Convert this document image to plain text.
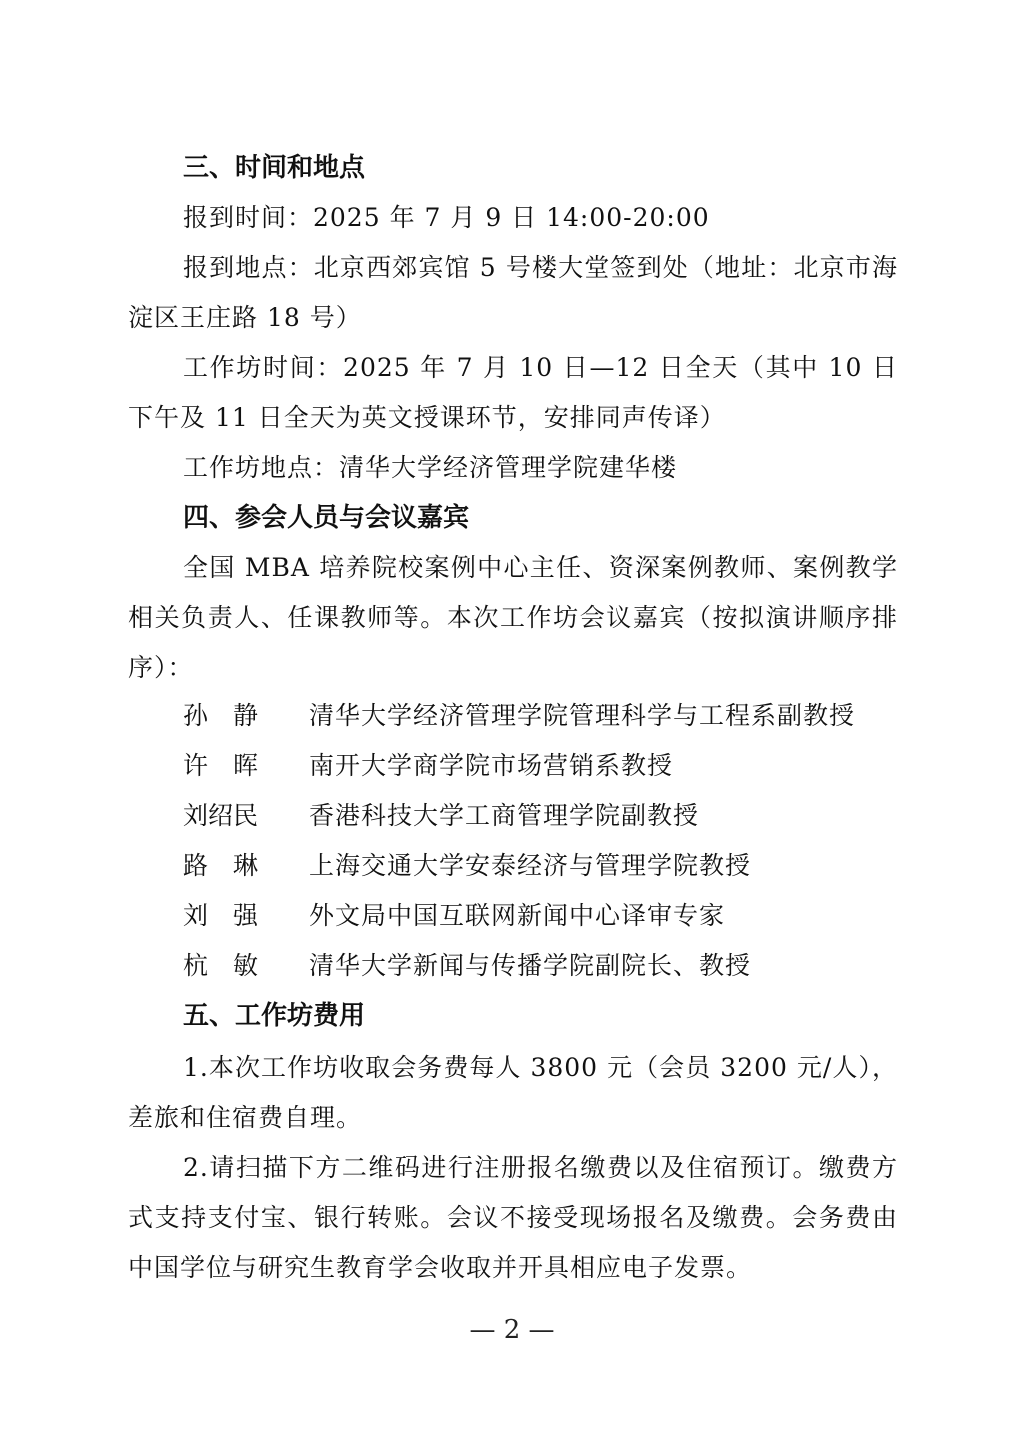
三、时间和地点
报到时间：2025 年 7 月 9 日 14:00-20:00
报到地点：北京西郊宾馆 5 号楼大堂签到处（地址：北京市海淀区王庄路 18 号）
工作坊时间：2025 年 7 月 10 日—12 日全天（其中 10 日下午及 11 日全天为英文授课环节，安排同声传译）
工作坊地点：清华大学经济管理学院建华楼
四、参会人员与会议嘉宾
全国 MBA 培养院校案例中心主任、资深案例教师、案例教学相关负责人、任课教师等。本次工作坊会议嘉宾（按拟演讲顺序排序）：
孙　静	清华大学经济管理学院管理科学与工程系副教授
许　晖	南开大学商学院市场营销系教授
刘绍民	香港科技大学工商管理学院副教授
路　琳	上海交通大学安泰经济与管理学院教授
刘　强	外文局中国互联网新闻中心译审专家
杭　敏	清华大学新闻与传播学院副院长、教授
五、工作坊费用
1.本次工作坊收取会务费每人 3800 元（会员 3200 元/人），差旅和住宿费自理。
2.请扫描下方二维码进行注册报名缴费以及住宿预订。缴费方式支持支付宝、银行转账。会议不接受现场报名及缴费。会务费由中国学位与研究生教育学会收取并开具相应电子发票。
— 2 —
